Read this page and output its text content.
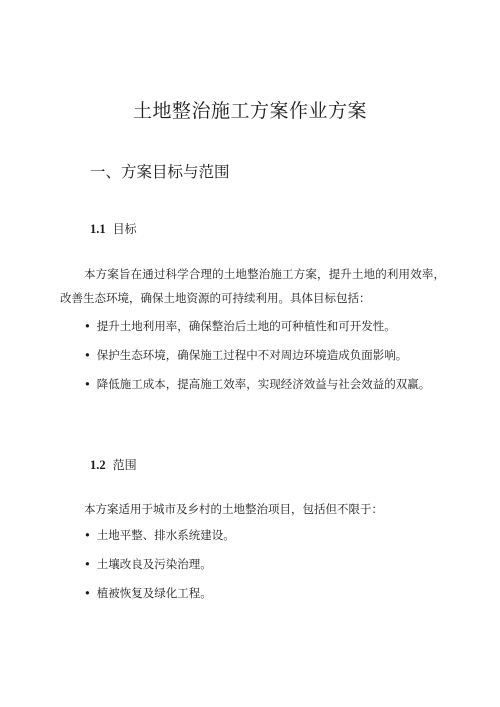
土地整治施工方案作业方案
一、方案目标与范围
1.1 目标

本方案旨在通过科学合理的土地整治施工方案，提升土地的利用效率，改善生态环境，确保土地资源的可持续利用。具体目标包括：

• 提升土地利用率，确保整治后土地的可种植性和可开发性。
• 保护生态环境，确保施工过程中不对周边环境造成负面影响。
• 降低施工成本，提高施工效率，实现经济效益与社会效益的双赢。
1.2 范围

本方案适用于城市及乡村的土地整治项目，包括但不限于：

• 土地平整、排水系统建设。
• 土壤改良及污染治理。
• 植被恢复及绿化工程。
